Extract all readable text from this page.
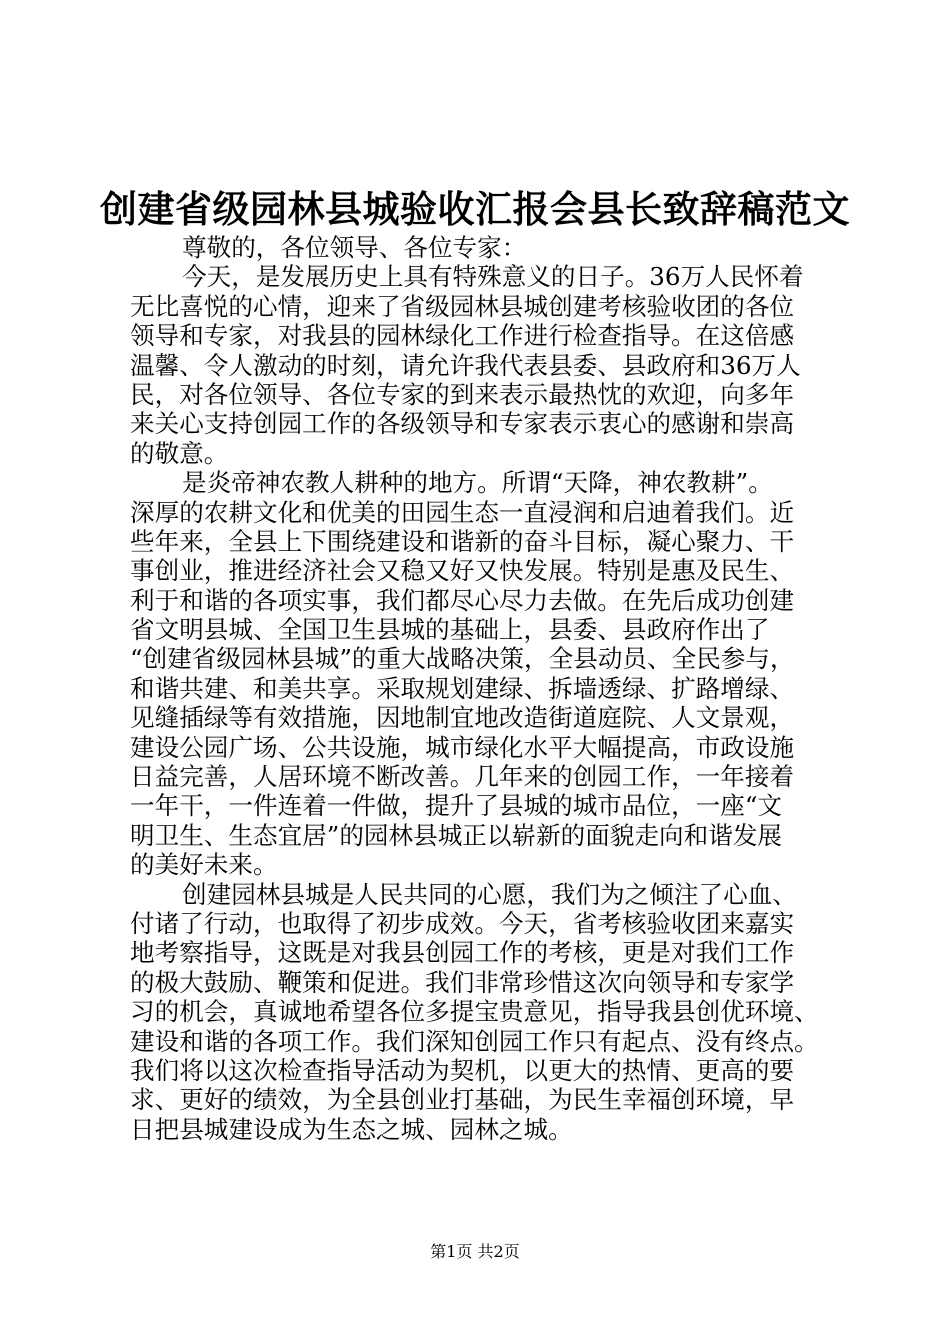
创建省级园林县城验收汇报会县长致辞稿范文
尊敬的，各位领导、各位专家：
今天，是发展历史上具有特殊意义的日子。36万人民怀着
无比喜悦的心情，迎来了省级园林县城创建考核验收团的各位
领导和专家，对我县的园林绿化工作进行检查指导。在这倍感
温馨、令人激动的时刻，请允许我代表县委、县政府和36万人
民，对各位领导、各位专家的到来表示最热忱的欢迎，向多年
来关心支持创园工作的各级领导和专家表示衷心的感谢和崇高
的敬意。
是炎帝神农教人耕种的地方。所谓“天降，神农教耕”。
深厚的农耕文化和优美的田园生态一直浸润和启迪着我们。近
些年来，全县上下围绕建设和谐新的奋斗目标，凝心聚力、干
事创业，推进经济社会又稳又好又快发展。特别是惠及民生、
利于和谐的各项实事，我们都尽心尽力去做。在先后成功创建
省文明县城、全国卫生县城的基础上，县委、县政府作出了
“创建省级园林县城”的重大战略决策，全县动员、全民参与，
和谐共建、和美共享。采取规划建绿、拆墙透绿、扩路增绿、
见缝插绿等有效措施，因地制宜地改造街道庭院、人文景观，
建设公园广场、公共设施，城市绿化水平大幅提高，市政设施
日益完善，人居环境不断改善。几年来的创园工作，一年接着
一年干，一件连着一件做，提升了县城的城市品位，一座“文
明卫生、生态宜居”的园林县城正以崭新的面貌走向和谐发展
的美好未来。
创建园林县城是人民共同的心愿，我们为之倾注了心血、
付诸了行动，也取得了初步成效。今天，省考核验收团来嘉实
地考察指导，这既是对我县创园工作的考核，更是对我们工作
的极大鼓励、鞭策和促进。我们非常珍惜这次向领导和专家学
习的机会，真诚地希望各位多提宝贵意见，指导我县创优环境、
建设和谐的各项工作。我们深知创园工作只有起点、没有终点。
我们将以这次检查指导活动为契机，以更大的热情、更高的要
求、更好的绩效，为全县创业打基础，为民生幸福创环境，早
日把县城建设成为生态之城、园林之城。
第1页 共2页
